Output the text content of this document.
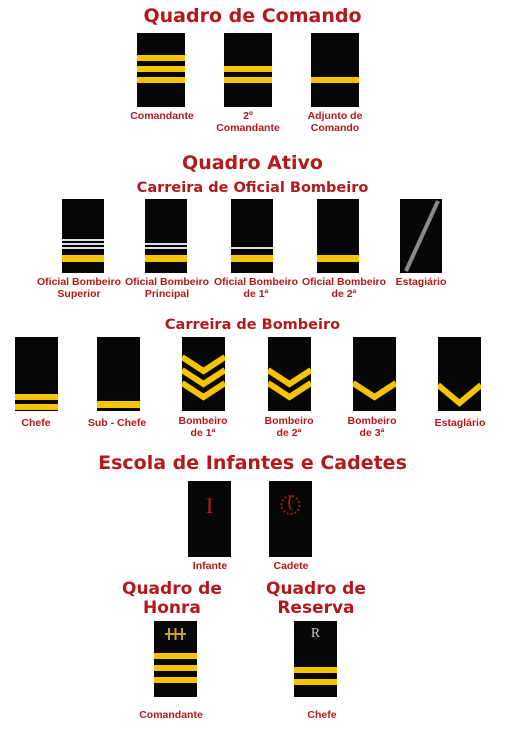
Quadro de Comando
Comandante	2º
Comandante
Adjunto de
Comando
Quadro Ativo
Carreira de Oficial Bombeiro
Oficial Bombeiro
Superior
Oficial Bombeiro
Principal
Oficial Bombeiro
de 1ª
Oficial Bombeiro
de 2ª
Estagiário
Carreira de Bombeiro
Chefe	Sub - Chefe	Bombeiro
de 1ª
Bombeiro
de 2ª
Bombeiro
de 3ª
Estaglário
Escola de Infantes e Cadetes
I
Infante
(
Cadete
Quadro de
Honra
Quadro de
Reserva
Comandante
R
Chefe
